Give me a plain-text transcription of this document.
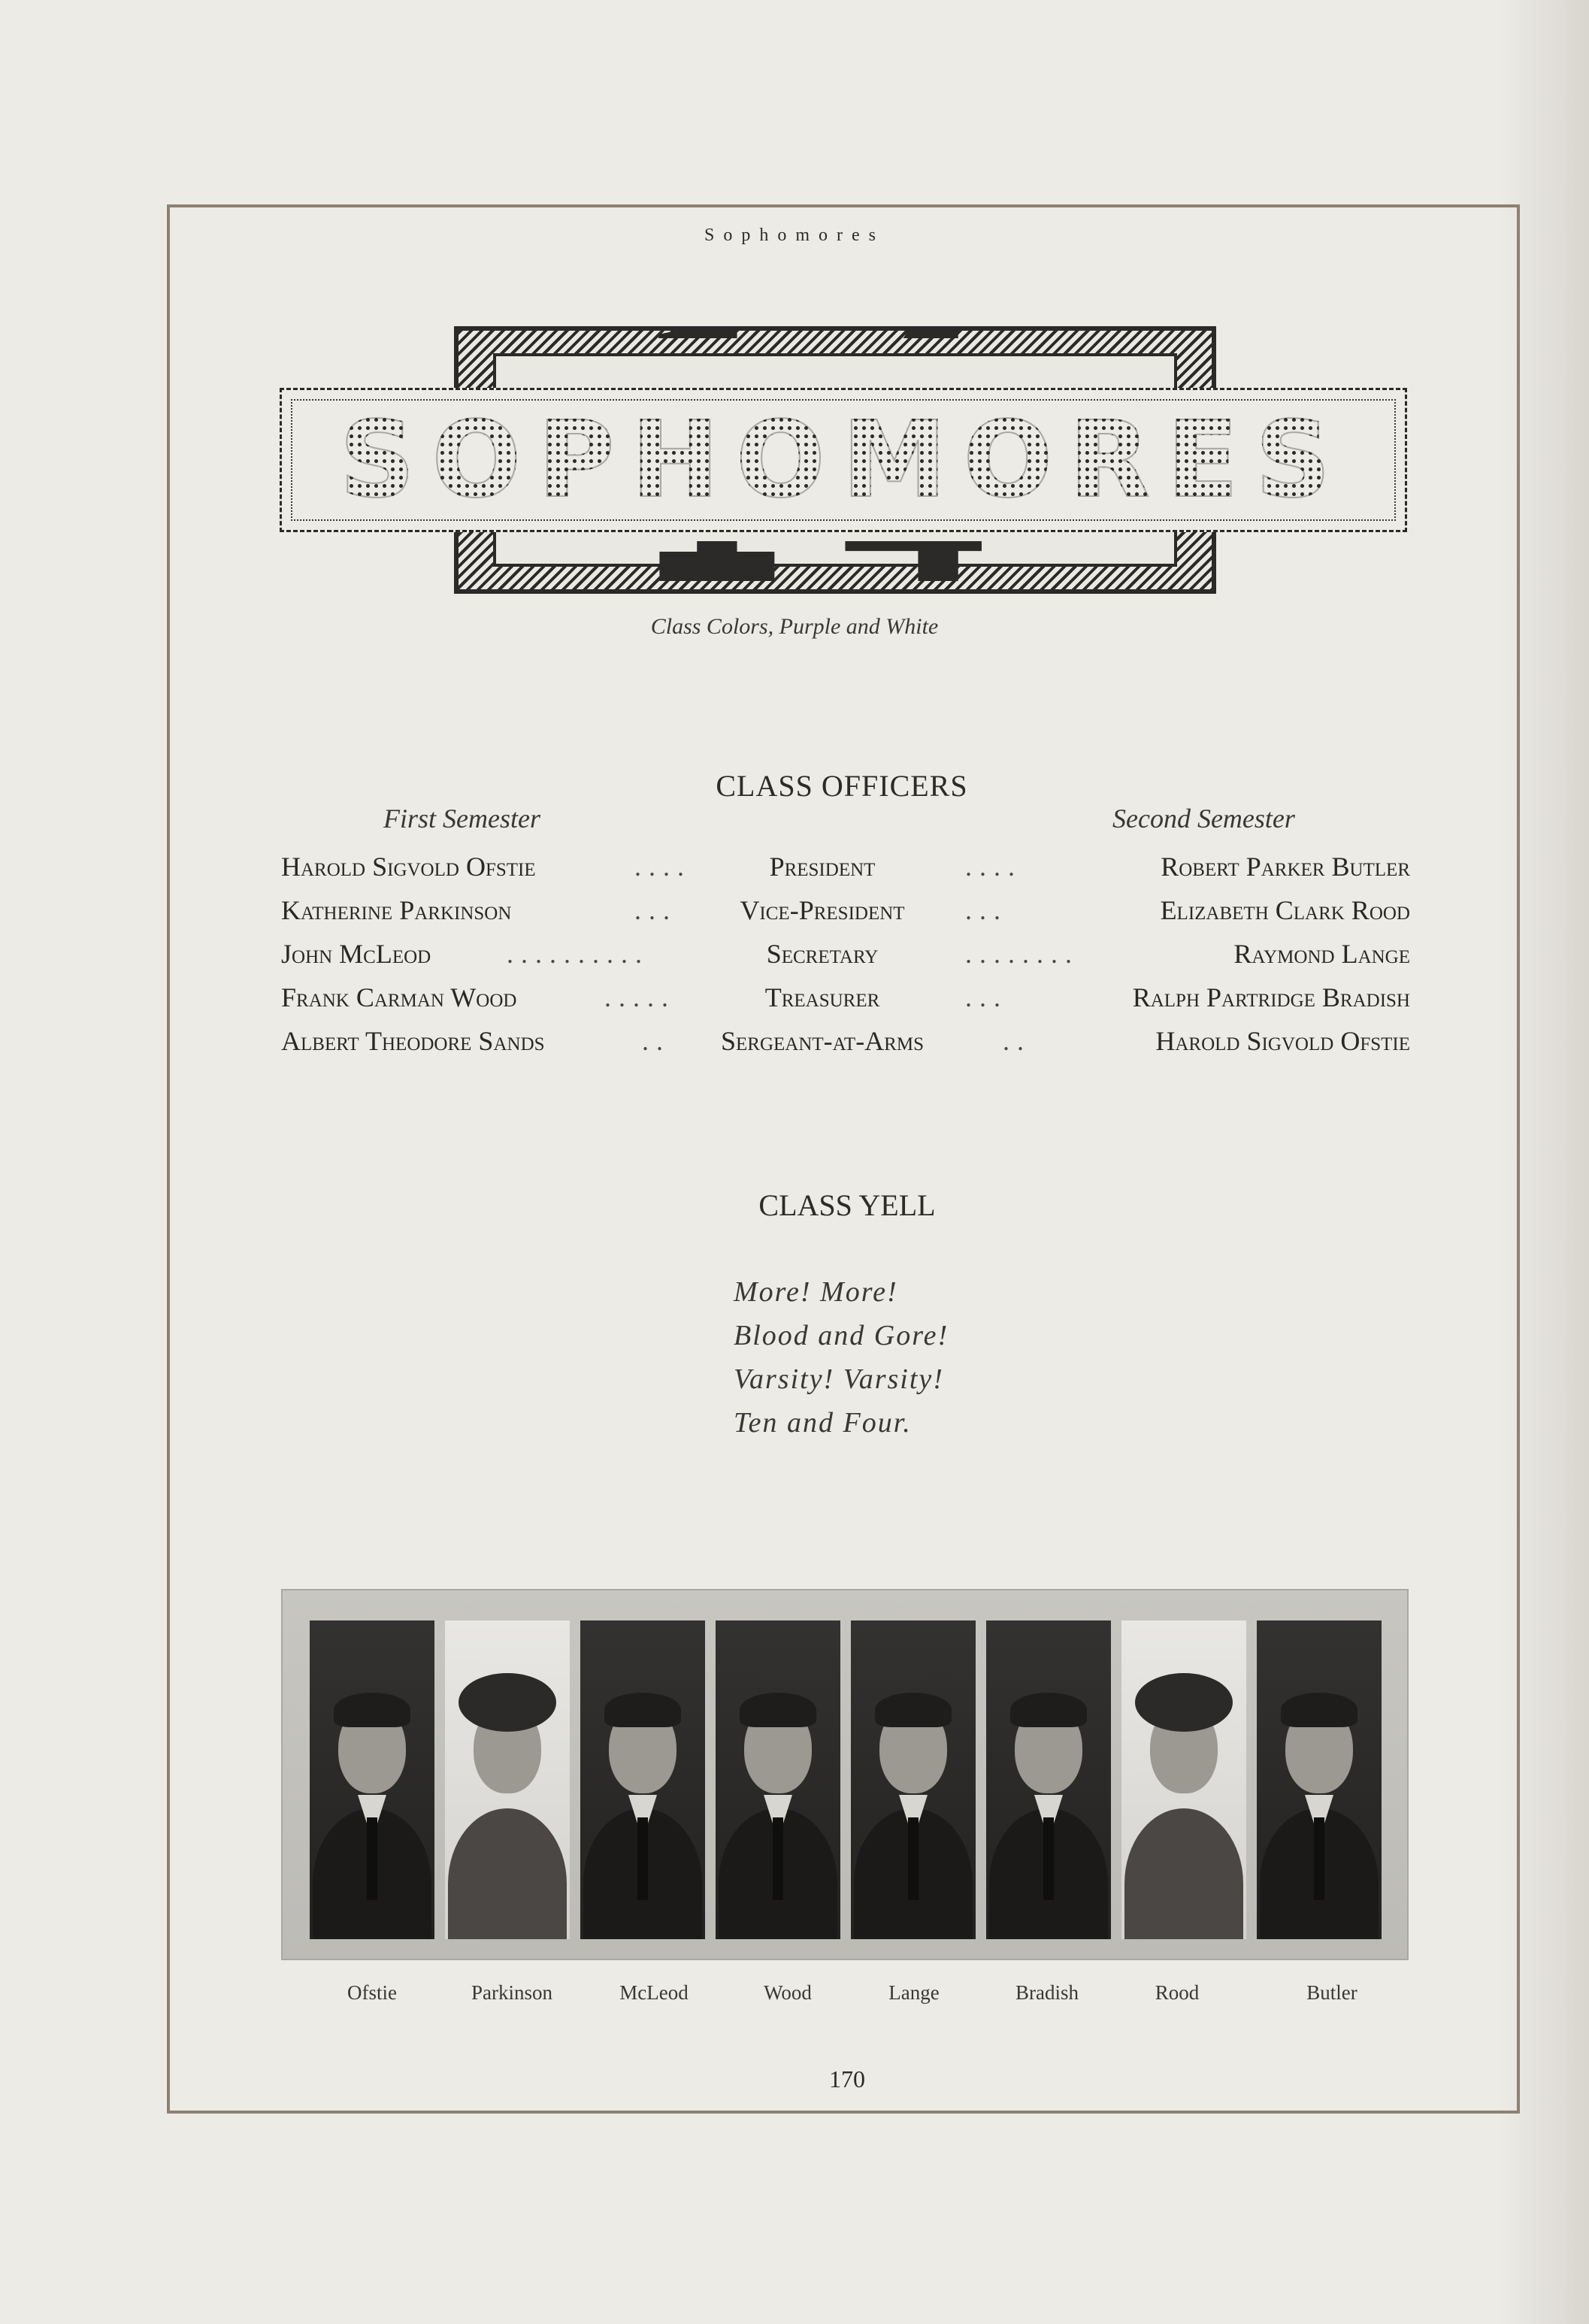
Sophomores
SOPHOMORES
Class Colors, Purple and White
CLASS OFFICERS
First Semester	Second Semester
Harold Sigvold Ofstie	....	President	....	Robert Parker Butler
Katherine Parkinson	...	Vice-President	...	Elizabeth Clark Rood
John McLeod	..........	Secretary	........	Raymond Lange
Frank Carman Wood	.....	Treasurer	...	Ralph Partridge Bradish
Albert Theodore Sands	..	Sergeant-at-Arms	..	Harold Sigvold Ofstie
CLASS YELL
More! More!
Blood and Gore!
Varsity! Varsity!
Ten and Four.
Ofstie	Parkinson	McLeod	Wood	Lange	Bradish	Rood	Butler
170
